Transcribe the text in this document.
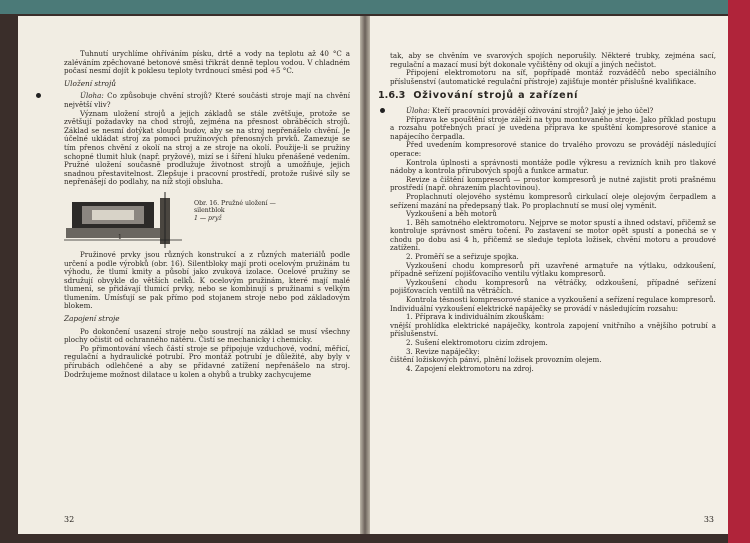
Tuhnutí urychlíme ohříváním písku, drtě a vody na teplotu až 40 °C a zaléváním zpěchované betonové směsi třikrát denně teplou vodou. V chladném počasí nesmí dojít k poklesu teploty tvrdnoucí směsi pod +5 °C.

Uložení strojů

Úloha: Co způsobuje chvění strojů? Které součásti stroje mají na chvění největší vliv?

Význam uložení strojů a jejich základů se stále zvětšuje, protože se zvětšují požadavky na chod strojů, zejména na přesnost obráběcích strojů. Základ se nesmí dotýkat sloupů budov, aby se na stroj nepřenášelo chvění. Je účelné ukládat stroj za pomoci pružinových přenosných prvků. Zamezuje se tím přenos chvění z okolí na stroj a ze stroje na okolí. Použije-li se pružiny schopné tlumit hluk (např. pryžové), mizí se i šíření hluku přenášené vedením. Pružné uložení současně prodlužuje životnost strojů a umožňuje, jejich snadnou přestavitelnost. Zlepšuje i pracovní prostředí, protože rušivé síly se nepřenášejí do podlahy, na níž stojí obsluha.

1

Obr. 16. Pružné uložení —

silentblok

1 — pryž

Pružinové prvky jsou různých konstrukcí a z různých materiálů podle určení a podle výrobků (obr. 16). Silentbloky mají proti ocelovým pružinám tu výhodu, že tlumí kmity a působí jako zvuková izolace. Ocelové pružiny se sdružují obvykle do větších celků. K ocelovým pružinám, které mají malé tlumení, se přidávají tlumicí prvky, nebo se kombinují s pružinami s velkým tlumením. Umísťují se pak přímo pod stojanem stroje nebo pod základovým blokem.

Zapojení stroje

Po dokončení usazení stroje nebo soustrojí na základ se musí všechny plochy očistit od ochranného nátěru. Čistí se mechanicky i chemicky.

Po přimontování všech částí stroje se připojuje vzduchové, vodní, měřicí, regulační a hydraulické potrubí. Pro montáž potrubí je důležité, aby byly v přírubách odlehčené a aby se přídavné zatížení nepřenášelo na stroj. Dodržujeme možnost dilatace u kolen a ohybů a trubky zachycujeme

32

tak, aby se chvěním ve svarových spojích neporušily. Některé trubky, zejména sací, regulační a mazací musí být dokonale vyčištěny od okují a jiných nečistot.

Připojení elektromotoru na síť, popřípadě montáž rozváděčů nebo speciálního příslušenství (automatické regulační přístroje) zajišťuje montér příslušné kvalifikace.

1.6.3 Oživování strojů a zařízení

Úloha: Kteří pracovníci provádějí oživování strojů? Jaký je jeho účel?

Příprava ke spouštění stroje záleží na typu montovaného stroje. Jako příklad postupu a rozsahu potřebných prací je uvedena příprava ke spuštění kompresorové stanice a napájecího čerpadla.

Před uvedením kompresorové stanice do trvalého provozu se provádějí následující operace:

Kontrola úplnosti a správnosti montáže podle výkresu a revizních knih pro tlakové nádoby a kontrola přírubových spojů a funkce armatur.

Revize a čištění kompresorů — prostor kompresorů je nutné zajistit proti prašnému prostředí (např. ohrazením plachtovinou).

Proplachnutí olejového systému kompresorů cirkulací oleje olejovým čerpadlem a seřízení mazání na předepsaný tlak. Po proplachnutí se musí olej vyměnit.

Vyzkoušení a běh motorů

1. Běh samotného elektromotoru. Nejprve se motor spustí a ihned odstaví, přičemž se kontroluje správnost směru točení. Po zastavení se motor opět spustí a ponechá se v chodu po dobu asi 4 h, přičemž se sleduje teplota ložisek, chvění motoru a proudové zatížení.

2. Proměří se a seřizuje spojka.

Vyzkoušení chodu kompresorů při uzavřené armatuře na výtlaku, odzkoušení, případně seřízení pojišťovacího ventilu výtlaku kompresorů.

Vyzkoušení chodu kompresorů na větráčky, odzkoušení, případné seřízení pojišťovacích ventilů na větráčích.

Kontrola těsnosti kompresorové stanice a vyzkoušení a seřízení regulace kompresorů.

Individuální vyzkoušení elektrické napáječky se provádí v následujícím rozsahu:

1. Příprava k individuálním zkouškám:

vnější prohlídka elektrické napáječky, kontrola zapojení vnitřního a vnějšího potrubí a příslušenství.

2. Sušení elektromotoru cizím zdrojem.

3. Revize napáječky:

čištění ložiskových pánví, plnění ložisek provozním olejem.

4. Zapojení elektromotoru na zdroj.

33
